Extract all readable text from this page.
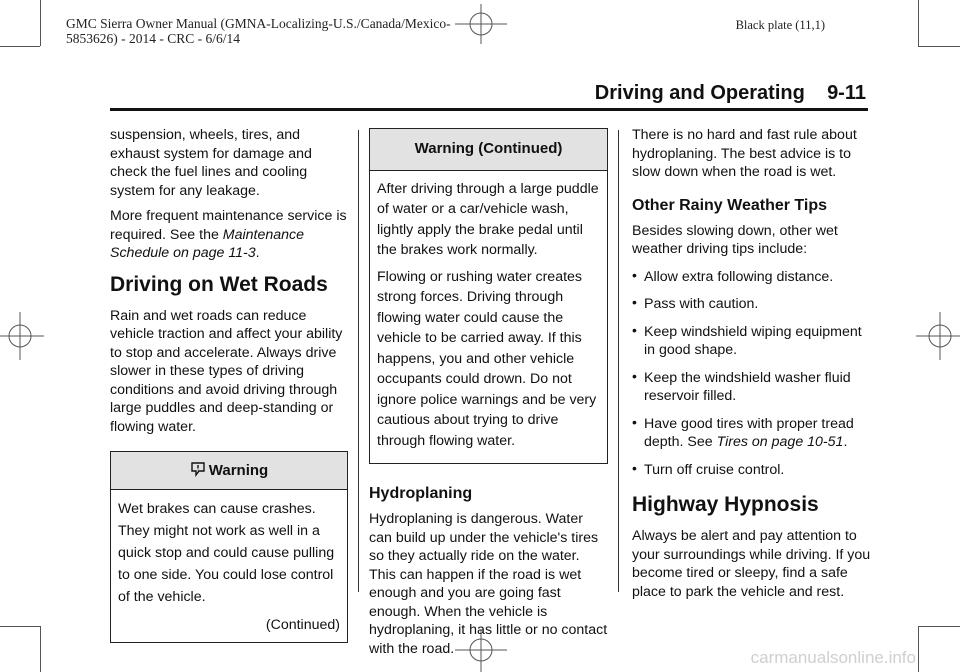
GMC Sierra Owner Manual (GMNA-Localizing-U.S./Canada/Mexico-
5853626) - 2014 - CRC - 6/6/14
Black plate (11,1)
Driving and Operating 9-11

suspension, wheels, tires, and exhaust system for damage and check the fuel lines and cooling system for any leakage.

More frequent maintenance service is required. See the Maintenance Schedule on page 11-3.

Driving on Wet Roads

Rain and wet roads can reduce vehicle traction and affect your ability to stop and accelerate. Always drive slower in these types of driving conditions and avoid driving through large puddles and deep-standing or flowing water.

Warning

Wet brakes can cause crashes. They might not work as well in a quick stop and could cause pulling to one side. You could lose control of the vehicle.

(Continued)
Warning (Continued)

After driving through a large puddle of water or a car/vehicle wash, lightly apply the brake pedal until the brakes work normally.

Flowing or rushing water creates strong forces. Driving through flowing water could cause the vehicle to be carried away. If this happens, you and other vehicle occupants could drown. Do not ignore police warnings and be very cautious about trying to drive through flowing water.

Hydroplaning

Hydroplaning is dangerous. Water can build up under the vehicle's tires so they actually ride on the water. This can happen if the road is wet enough and you are going fast enough. When the vehicle is hydroplaning, it has little or no contact with the road.

There is no hard and fast rule about hydroplaning. The best advice is to slow down when the road is wet.

Other Rainy Weather Tips

Besides slowing down, other wet weather driving tips include:

• Allow extra following distance.
• Pass with caution.
• Keep windshield wiping equipment in good shape.
• Keep the windshield washer fluid reservoir filled.
• Have good tires with proper tread depth. See Tires on page 10-51.
• Turn off cruise control.
Highway Hypnosis

Always be alert and pay attention to your surroundings while driving. If you become tired or sleepy, find a safe place to park the vehicle and rest.

carmanualsonline.info
